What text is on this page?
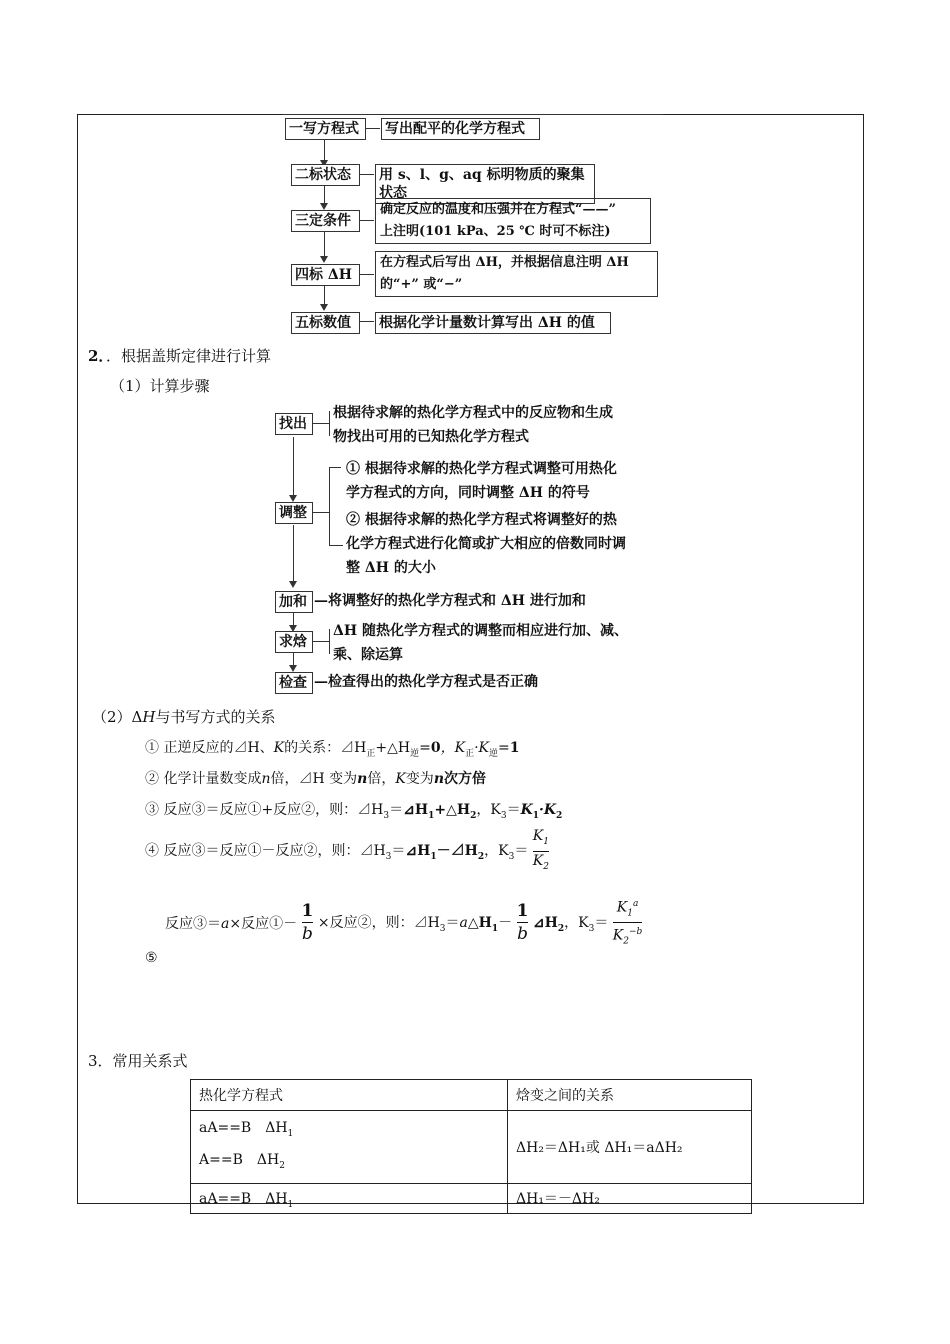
一写方程式	写出配平的化学方程式
二标状态	用 s、l、g、aq 标明物质的聚集状态
三定条件
确定反应的温度和压强并在方程式“——”
上注明(101 kPa、25 ℃ 时可不标注)
四标 ΔH
在方程式后写出 ΔH，并根据信息注明 ΔH
的“+” 或“−”
五标数值	根据化学计量数计算写出 ΔH 的值
2．．根据盖斯定律进行计算
（1）计算步骤
找出
根据待求解的热化学方程式中的反应物和生成
物找出可用的已知热化学方程式
调整
① 根据待求解的热化学方程式调整可用热化
学方程式的方向，同时调整 ΔH 的符号
② 根据待求解的热化学方程式将调整好的热
化学方程式进行化简或扩大相应的倍数同时调
整 ΔH 的大小
加和 —将调整好的热化学方程式和 ΔH 进行加和
求焓
ΔH 随热化学方程式的调整而相应进行加、减、
乘、除运算
检查 —检查得出的热化学方程式是否正确
（2）ΔH与书写方式的关系
① 正逆反应的⊿H、K的关系：$⊿H_正+\triangle H_逆=0$，$K_正\cdot K_逆=1$
② 化学计量数变成n倍，⊿H 变为n倍，K变为n次方倍
③ 反应③＝反应①+反应②，则：$⊿H_3=⊿H_1+\triangle H_2$，$K_3=K_1\cdot K_2$
④ 反应③＝反应①－反应②，则：$⊿H_3=⊿H_1-⊿H_2$，$K_3= \frac{K_1}{K_2}$
反应③＝a×反应①－ $\frac{1}{b}$ ×反应②，则：$⊿H_3=a\triangle H_1- \frac{1}{b}$ $⊿H_2$，$K_3= \frac{K_1^a}{K_2^{-b}}$
⑤
3．常用关系式
热化学方程式	焓变之间的关系

aA==B　$\Delta H_1$
A==B　$\Delta H_2$	ΔH₂＝ΔH₁或 ΔH₁＝aΔH₂
aA==B　$\Delta H_1$	ΔH₁＝－ΔH₂
